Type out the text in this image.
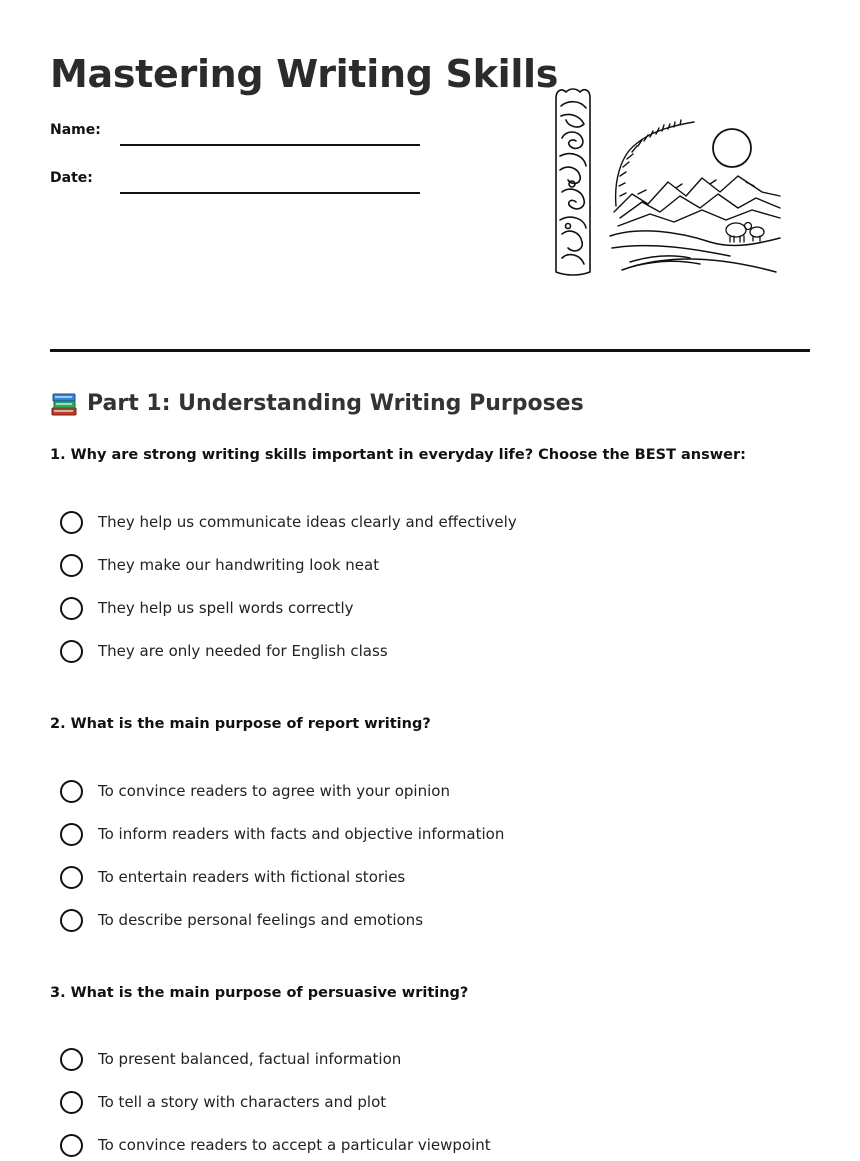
Mastering Writing Skills
Name:
Date:
Part 1: Understanding Writing Purposes

1. Why are strong writing skills important in everyday life? Choose the BEST answer:

They help us communicate ideas clearly and effectively
They make our handwriting look neat
They help us spell words correctly
They are only needed for English class

2. What is the main purpose of report writing?

To convince readers to agree with your opinion
To inform readers with facts and objective information
To entertain readers with fictional stories
To describe personal feelings and emotions

3. What is the main purpose of persuasive writing?

To present balanced, factual information
To tell a story with characters and plot
To convince readers to accept a particular viewpoint
